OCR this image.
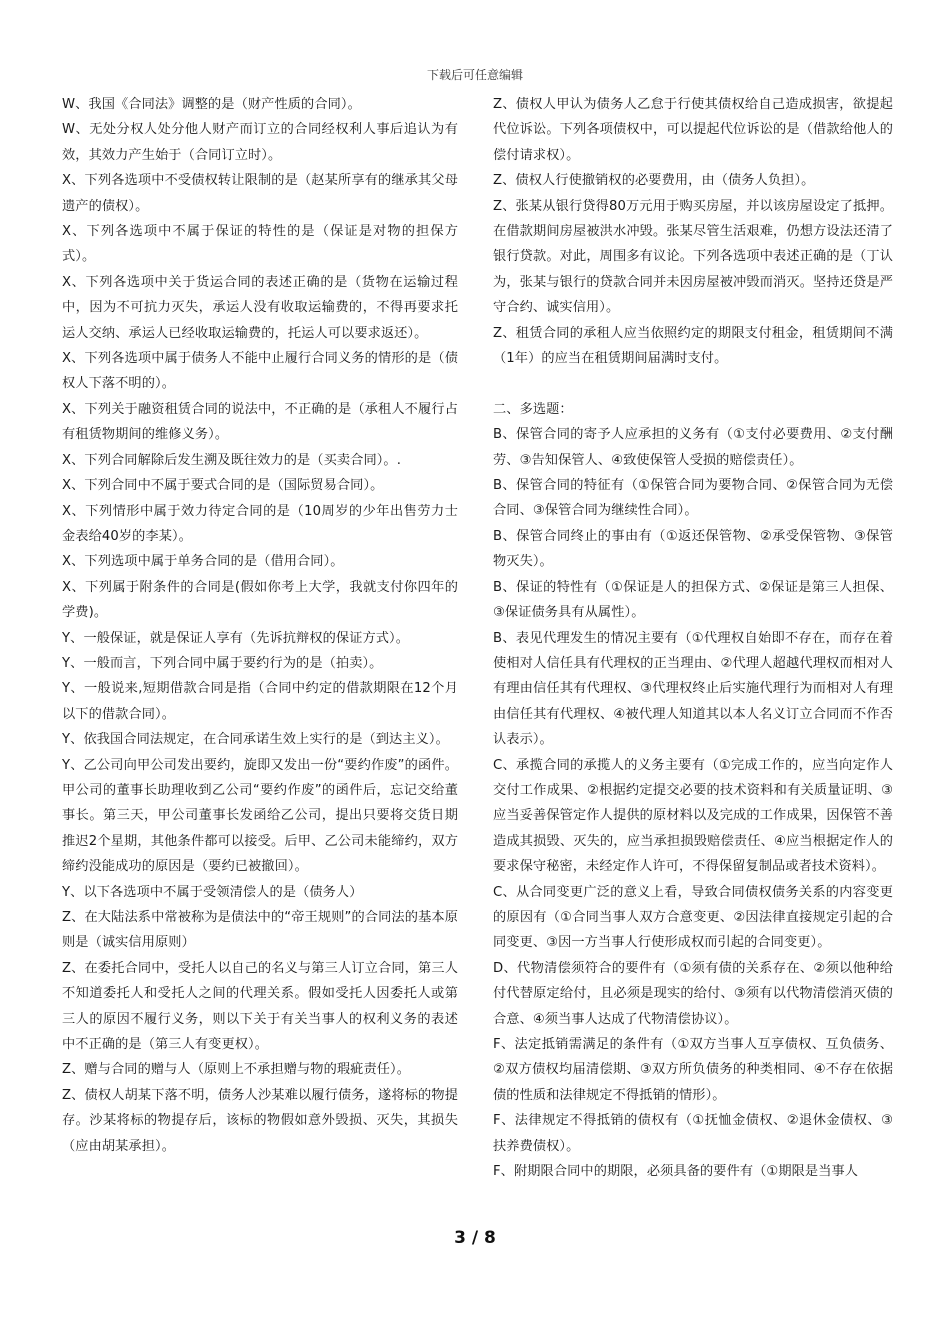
下载后可任意编辑

W、我国《合同法》调整的是（财产性质的合同）。

W、无处分权人处分他人财产而订立的合同经权利人事后追认为有效，其效力产生始于（合同订立时）。

X、下列各选项中不受债权转让限制的是（赵某所享有的继承其父母遗产的债权）。

X、下列各选项中不属于保证的特性的是（保证是对物的担保方式）。

X、下列各选项中关于货运合同的表述正确的是（货物在运输过程中，因为不可抗力灭失，承运人没有收取运输费的，不得再要求托运人交纳、承运人已经收取运输费的，托运人可以要求返还）。

X、下列各选项中属于债务人不能中止履行合同义务的情形的是（债权人下落不明的）。

X、下列关于融资租赁合同的说法中，不正确的是（承租人不履行占有租赁物期间的维修义务）。

X、下列合同解除后发生溯及既往效力的是（买卖合同）。.

X、下列合同中不属于要式合同的是（国际贸易合同）。

X、下列情形中属于效力待定合同的是（10周岁的少年出售劳力士金表给40岁的李某）。

X、下列选项中属于单务合同的是（借用合同）。

X、下列属于附条件的合同是(假如你考上大学，我就支付你四年的学费)。

Y、一般保证，就是保证人享有（先诉抗辩权的保证方式）。

Y、一般而言，下列合同中属于要约行为的是（拍卖）。

Y、一般说来,短期借款合同是指（合同中约定的借款期限在12个月以下的借款合同）。

Y、依我国合同法规定，在合同承诺生效上实行的是（到达主义）。

Y、乙公司向甲公司发出要约，旋即又发出一份“要约作废”的函件。甲公司的董事长助理收到乙公司“要约作废”的函件后，忘记交给董事长。第三天，甲公司董事长发函给乙公司，提出只要将交货日期推迟2个星期，其他条件都可以接受。后甲、乙公司未能缔约，双方缔约没能成功的原因是（要约已被撤回）。

Y、以下各选项中不属于受领清偿人的是（债务人）

Z、在大陆法系中常被称为是债法中的“帝王规则”的合同法的基本原则是（诚实信用原则）

Z、在委托合同中，受托人以自己的名义与第三人订立合同，第三人不知道委托人和受托人之间的代理关系。假如受托人因委托人或第三人的原因不履行义务，则以下关于有关当事人的权利义务的表述中不正确的是（第三人有变更权）。

Z、赠与合同的赠与人（原则上不承担赠与物的瑕疵责任）。

Z、债权人胡某下落不明，债务人沙某难以履行债务，遂将标的物提存。沙某将标的物提存后，该标的物假如意外毁损、灭失，其损失（应由胡某承担）。

Z、债权人甲认为债务人乙怠于行使其债权给自己造成损害，欲提起代位诉讼。下列各项债权中，可以提起代位诉讼的是（借款给他人的偿付请求权）。

Z、债权人行使撤销权的必要费用，由（债务人负担）。

Z、张某从银行贷得80万元用于购买房屋，并以该房屋设定了抵押。在借款期间房屋被洪水冲毁。张某尽管生活艰难，仍想方设法还清了银行贷款。对此，周围多有议论。下列各选项中表述正确的是（丁认为，张某与银行的贷款合同并未因房屋被冲毁而消灭。坚持还贷是严守合约、诚实信用）。

Z、租赁合同的承租人应当依照约定的期限支付租金，租赁期间不满（1年）的应当在租赁期间届满时支付。

二、多选题：

B、保管合同的寄予人应承担的义务有（①支付必要费用、②支付酬劳、③告知保管人、④致使保管人受损的赔偿责任）。

B、保管合同的特征有（①保管合同为要物合同、②保管合同为无偿合同、③保管合同为继续性合同）。

B、保管合同终止的事由有（①返还保管物、②承受保管物、③保管物灭失）。

B、保证的特性有（①保证是人的担保方式、②保证是第三人担保、③保证债务具有从属性）。

B、表见代理发生的情况主要有（①代理权自始即不存在，而存在着使相对人信任具有代理权的正当理由、②代理人超越代理权而相对人有理由信任其有代理权、③代理权终止后实施代理行为而相对人有理由信任其有代理权、④被代理人知道其以本人名义订立合同而不作否认表示）。

C、承揽合同的承揽人的义务主要有（①完成工作的，应当向定作人交付工作成果、②根据约定提交必要的技术资料和有关质量证明、③应当妥善保管定作人提供的原材料以及完成的工作成果，因保管不善造成其损毁、灭失的，应当承担损毁赔偿责任、④应当根据定作人的要求保守秘密，未经定作人许可，不得保留复制品或者技术资料）。

C、从合同变更广泛的意义上看，导致合同债权债务关系的内容变更的原因有（①合同当事人双方合意变更、②因法律直接规定引起的合同变更、③因一方当事人行使形成权而引起的合同变更）。

D、代物清偿须符合的要件有（①须有债的关系存在、②须以他种给付代替原定给付，且必须是现实的给付、③须有以代物清偿消灭债的合意、④须当事人达成了代物清偿协议）。

F、法定抵销需满足的条件有（①双方当事人互享债权、互负债务、②双方债权均届清偿期、③双方所负债务的种类相同、④不存在依据债的性质和法律规定不得抵销的情形）。

F、法律规定不得抵销的债权有（①抚恤金债权、②退休金债权、③扶养费债权）。

F、附期限合同中的期限，必须具备的要件有（①期限是当事人

3 / 8
